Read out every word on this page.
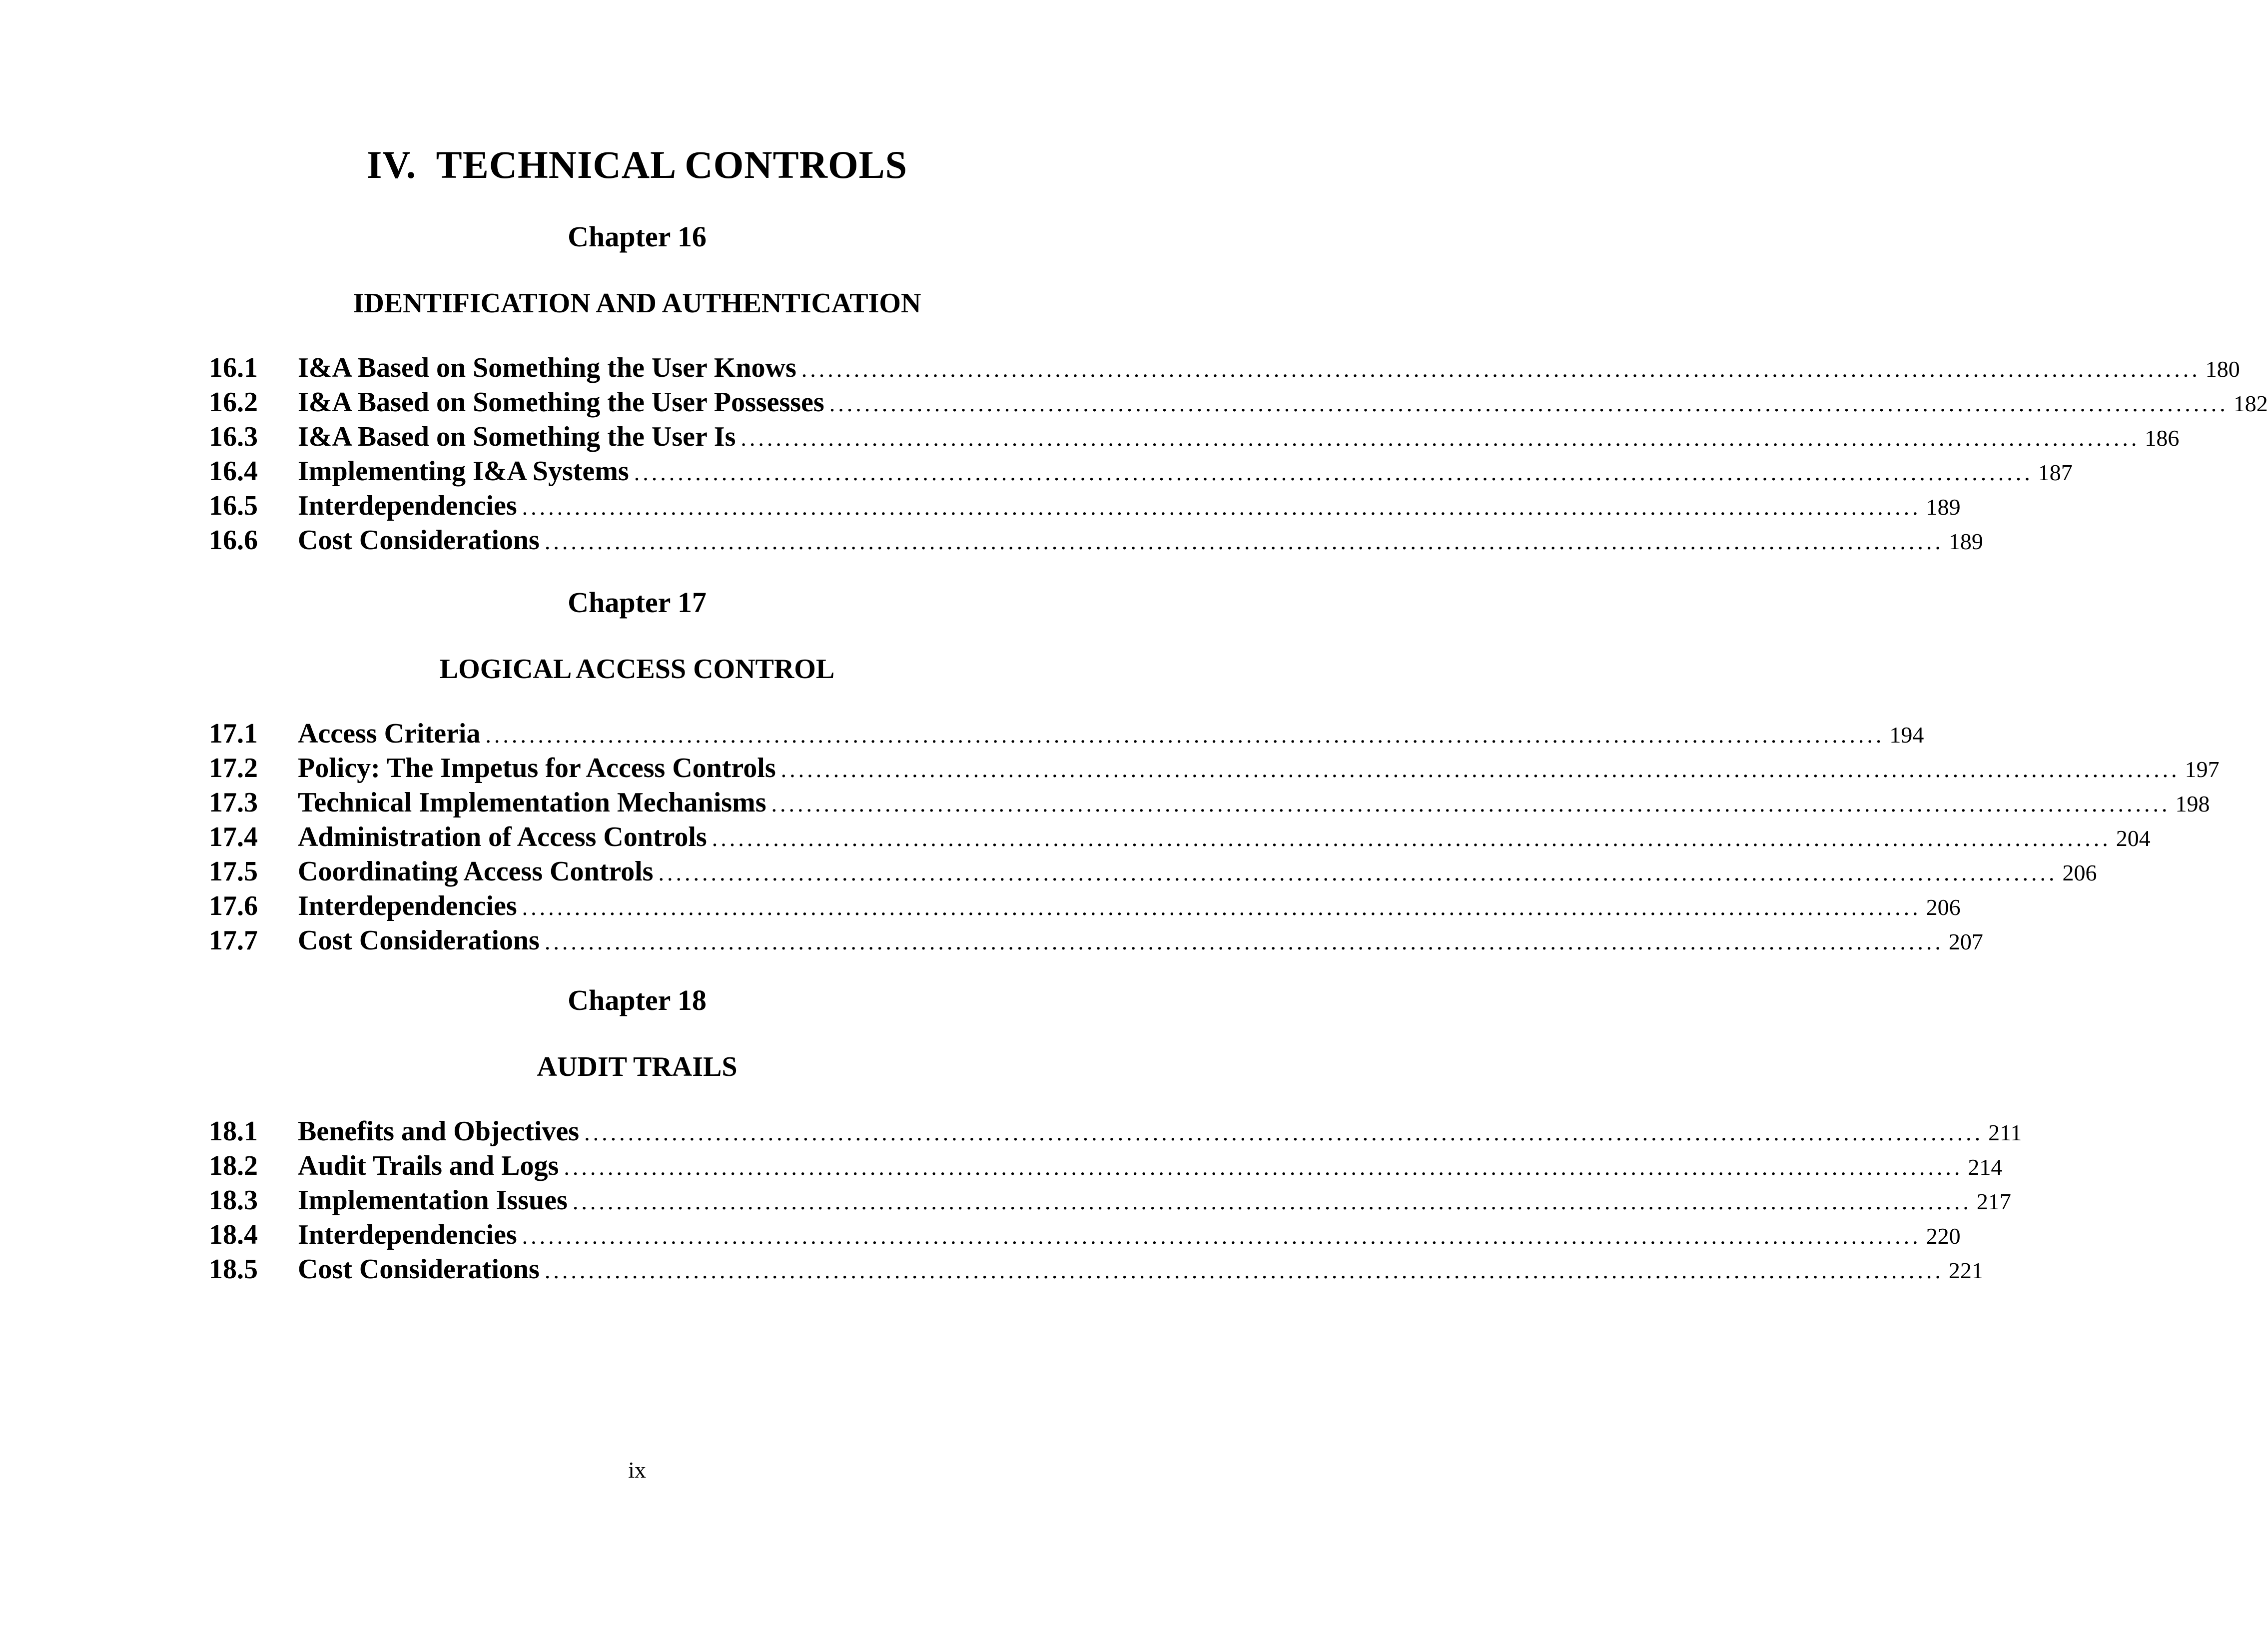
IV.  TECHNICAL CONTROLS
Chapter 16
IDENTIFICATION AND AUTHENTICATION
16.1	I&A Based on Something the User Knows ................................................................................................................................................................ 180
16.2	I&A Based on Something the User Possesses ................................................................................................................................................................ 182
16.3	I&A Based on Something the User Is ................................................................................................................................................................ 186
16.4	Implementing I&A Systems ................................................................................................................................................................ 187
16.5	Interdependencies ................................................................................................................................................................ 189
16.6	Cost Considerations ................................................................................................................................................................ 189
Chapter 17
LOGICAL ACCESS CONTROL
17.1	Access Criteria ................................................................................................................................................................ 194
17.2	Policy: The Impetus for Access Controls ................................................................................................................................................................ 197
17.3	Technical Implementation Mechanisms ................................................................................................................................................................ 198
17.4	Administration of Access Controls ................................................................................................................................................................ 204
17.5	Coordinating Access Controls ................................................................................................................................................................ 206
17.6	Interdependencies ................................................................................................................................................................ 206
17.7	Cost Considerations ................................................................................................................................................................ 207
Chapter 18
AUDIT TRAILS
18.1	Benefits and Objectives ................................................................................................................................................................ 211
18.2	Audit Trails and Logs ................................................................................................................................................................ 214
18.3	Implementation Issues ................................................................................................................................................................ 217
18.4	Interdependencies ................................................................................................................................................................ 220
18.5	Cost Considerations ................................................................................................................................................................ 221
ix
